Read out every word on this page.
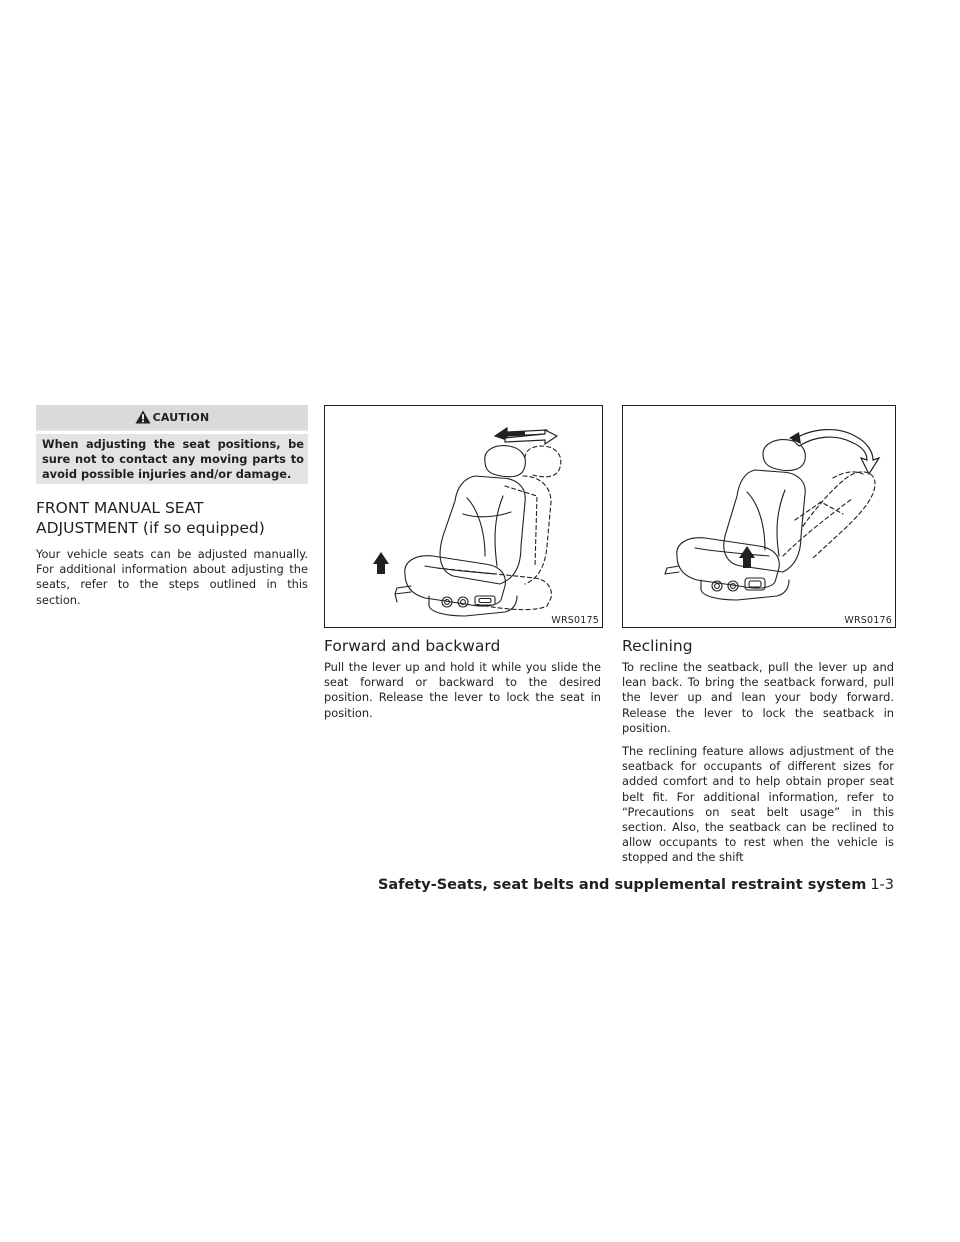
CAUTION
When adjusting the seat positions, be sure not to contact any moving parts to avoid possible injuries and/or damage.
FRONT MANUAL SEAT
ADJUSTMENT (if so equipped)

Your vehicle seats can be adjusted manually. For additional information about adjusting the seats, refer to the steps outlined in this section.

WRS0175	WRS0176
Forward and backward

Pull the lever up and hold it while you slide the seat forward or backward to the desired position. Release the lever to lock the seat in position.

Reclining

To recline the seatback, pull the lever up and lean back. To bring the seatback forward, pull the lever up and lean your body forward. Release the lever to lock the seatback in position.

The reclining feature allows adjustment of the seatback for occupants of different sizes for added comfort and to help obtain proper seat belt fit. For additional information, refer to “Precautions on seat belt usage” in this section. Also, the seatback can be reclined to allow occupants to rest when the vehicle is stopped and the shift

Safety-Seats, seat belts and supplemental restraint system 1-3
